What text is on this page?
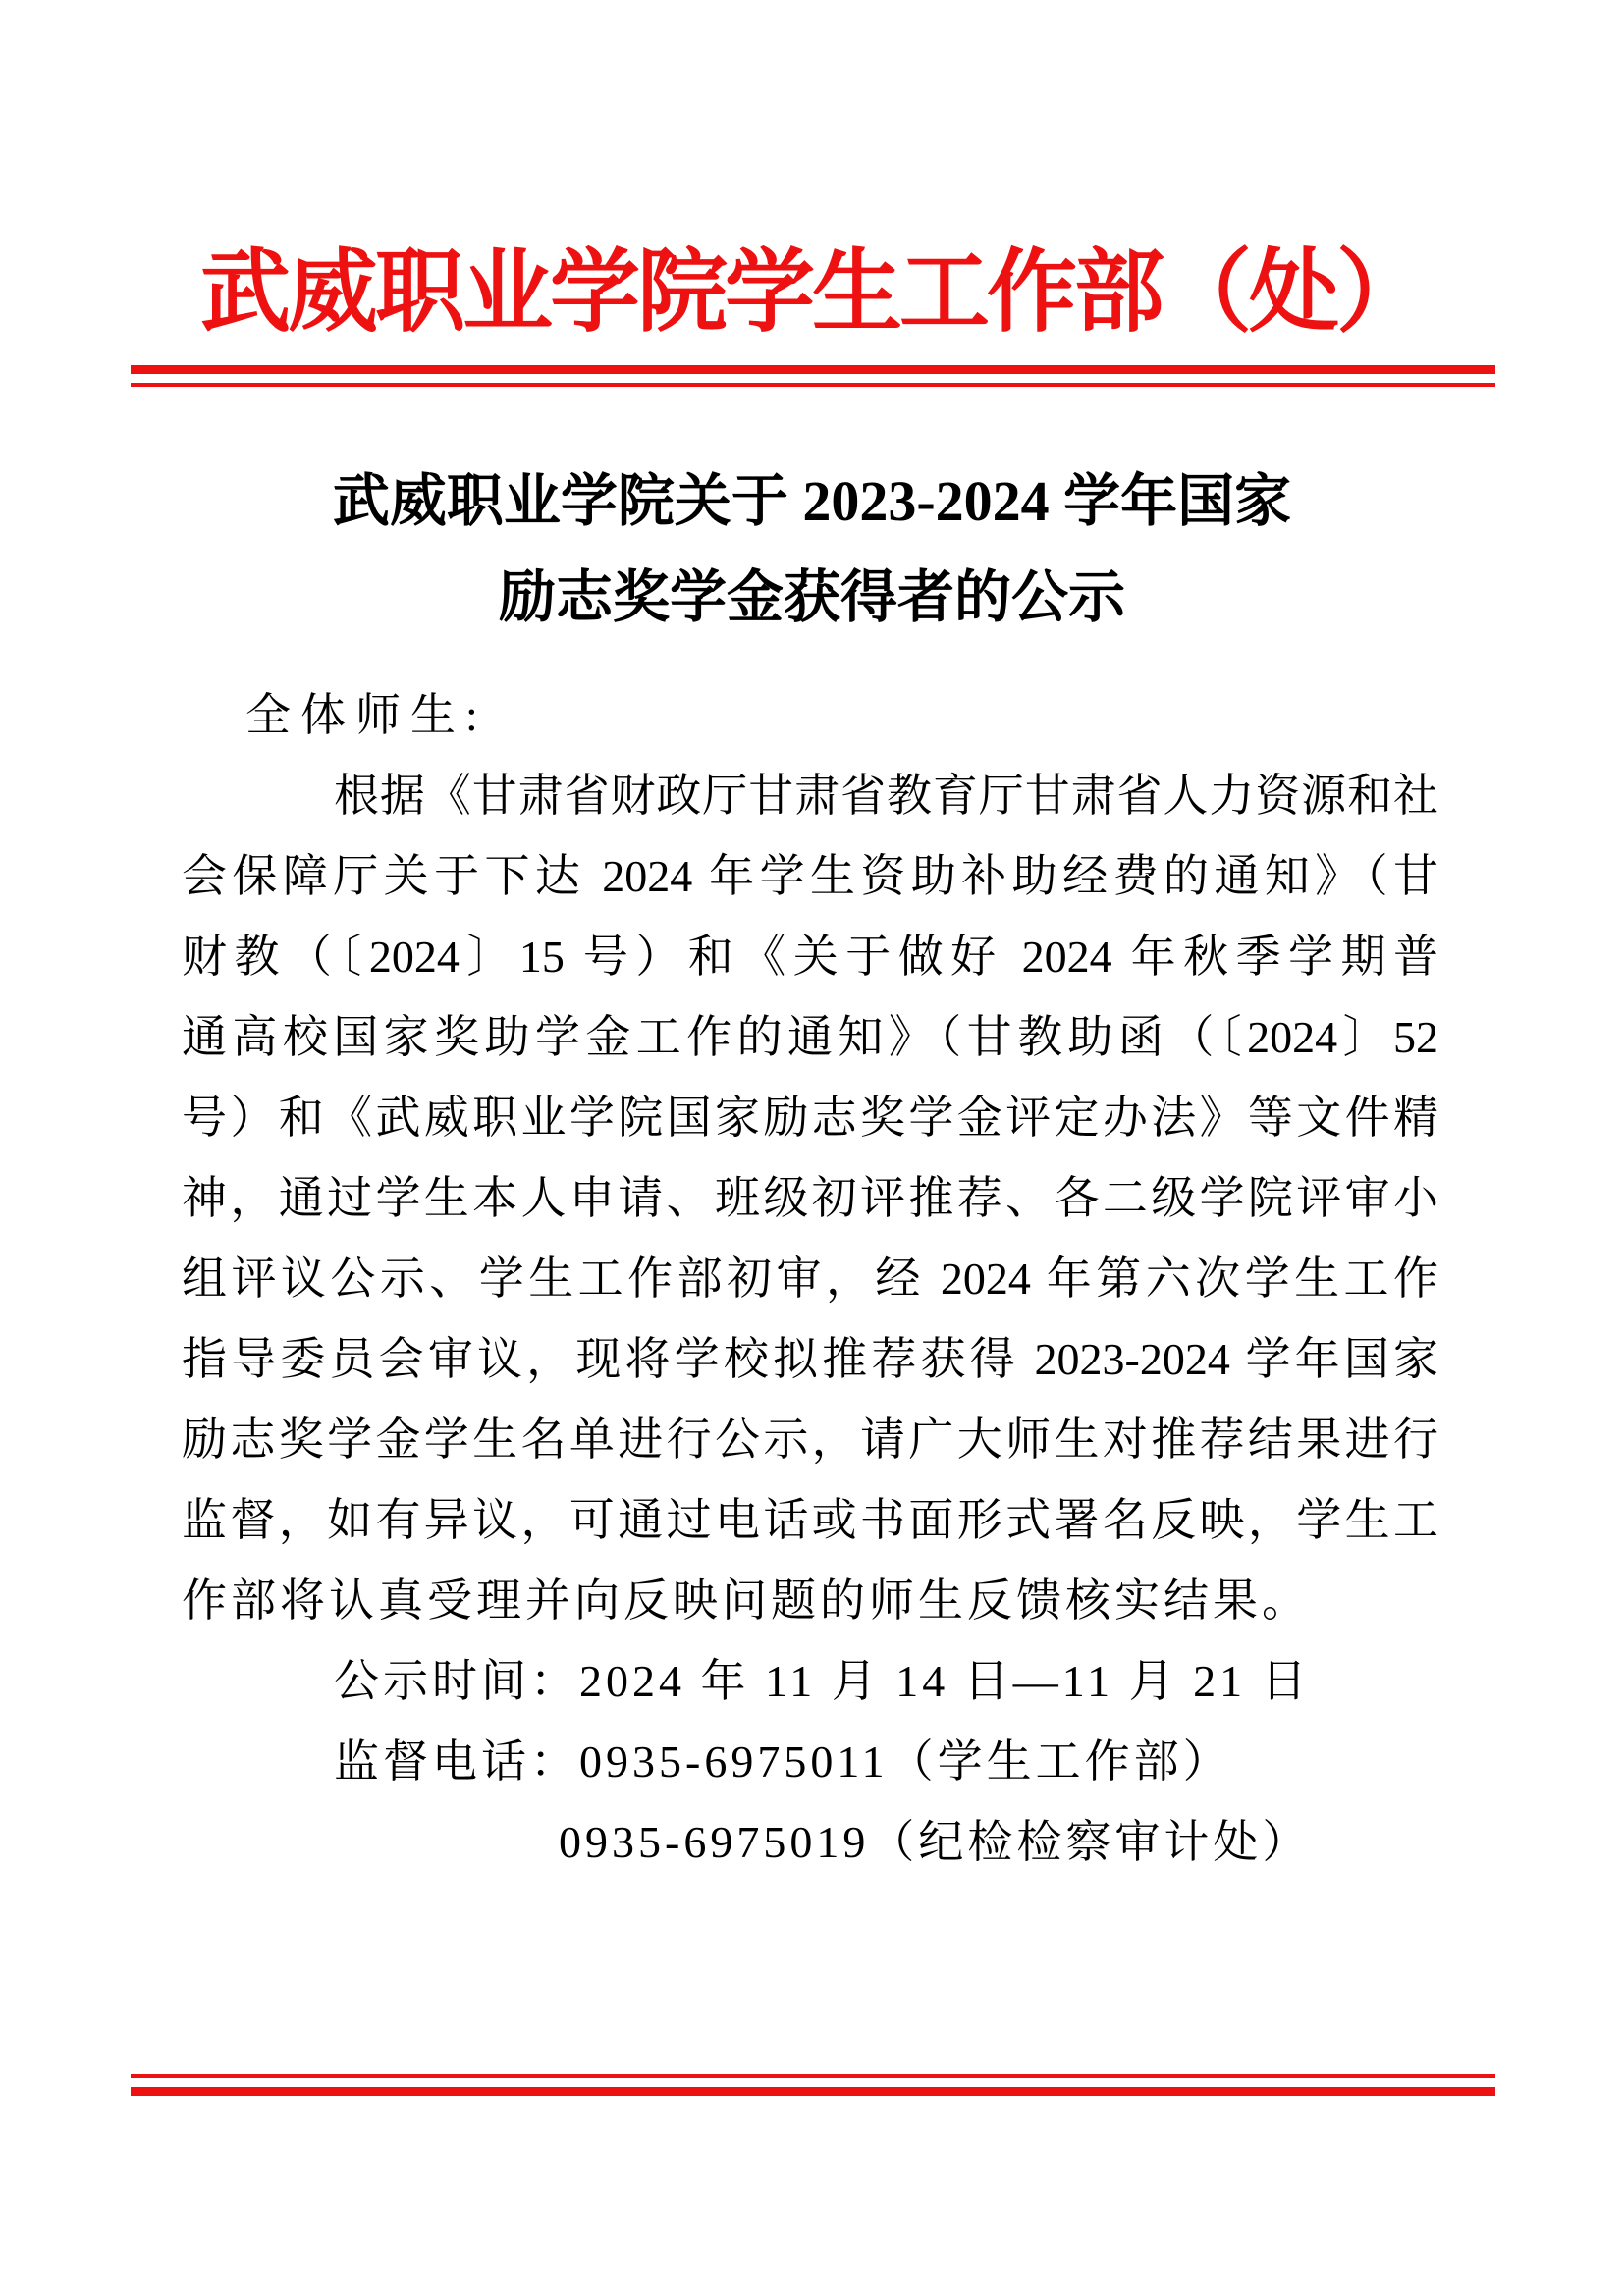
武威职业学院学生工作部（处）
武威职业学院关于 2023-2024 学年国家
励志奖学金获得者的公示
全体师生:
根据《甘肃省财政厅甘肃省教育厅甘肃省人力资源和社
会保障厅关于下达 2024 年学生资助补助经费的通知》（甘
财教（〔2024〕15 号）和《关于做好 2024 年秋季学期普
通高校国家奖助学金工作的通知》（甘教助函（〔2024〕52
号）和《武威职业学院国家励志奖学金评定办法》等文件精
神，通过学生本人申请、班级初评推荐、各二级学院评审小
组评议公示、学生工作部初审，经 2024 年第六次学生工作
指导委员会审议，现将学校拟推荐获得 2023-2024 学年国家
励志奖学金学生名单进行公示，请广大师生对推荐结果进行
监督，如有异议，可通过电话或书面形式署名反映，学生工
作部将认真受理并向反映问题的师生反馈核实结果。
公示时间：2024 年 11 月 14 日—11 月 21 日
监督电话：0935-6975011（学生工作部）
0935-6975019（纪检检察审计处）
